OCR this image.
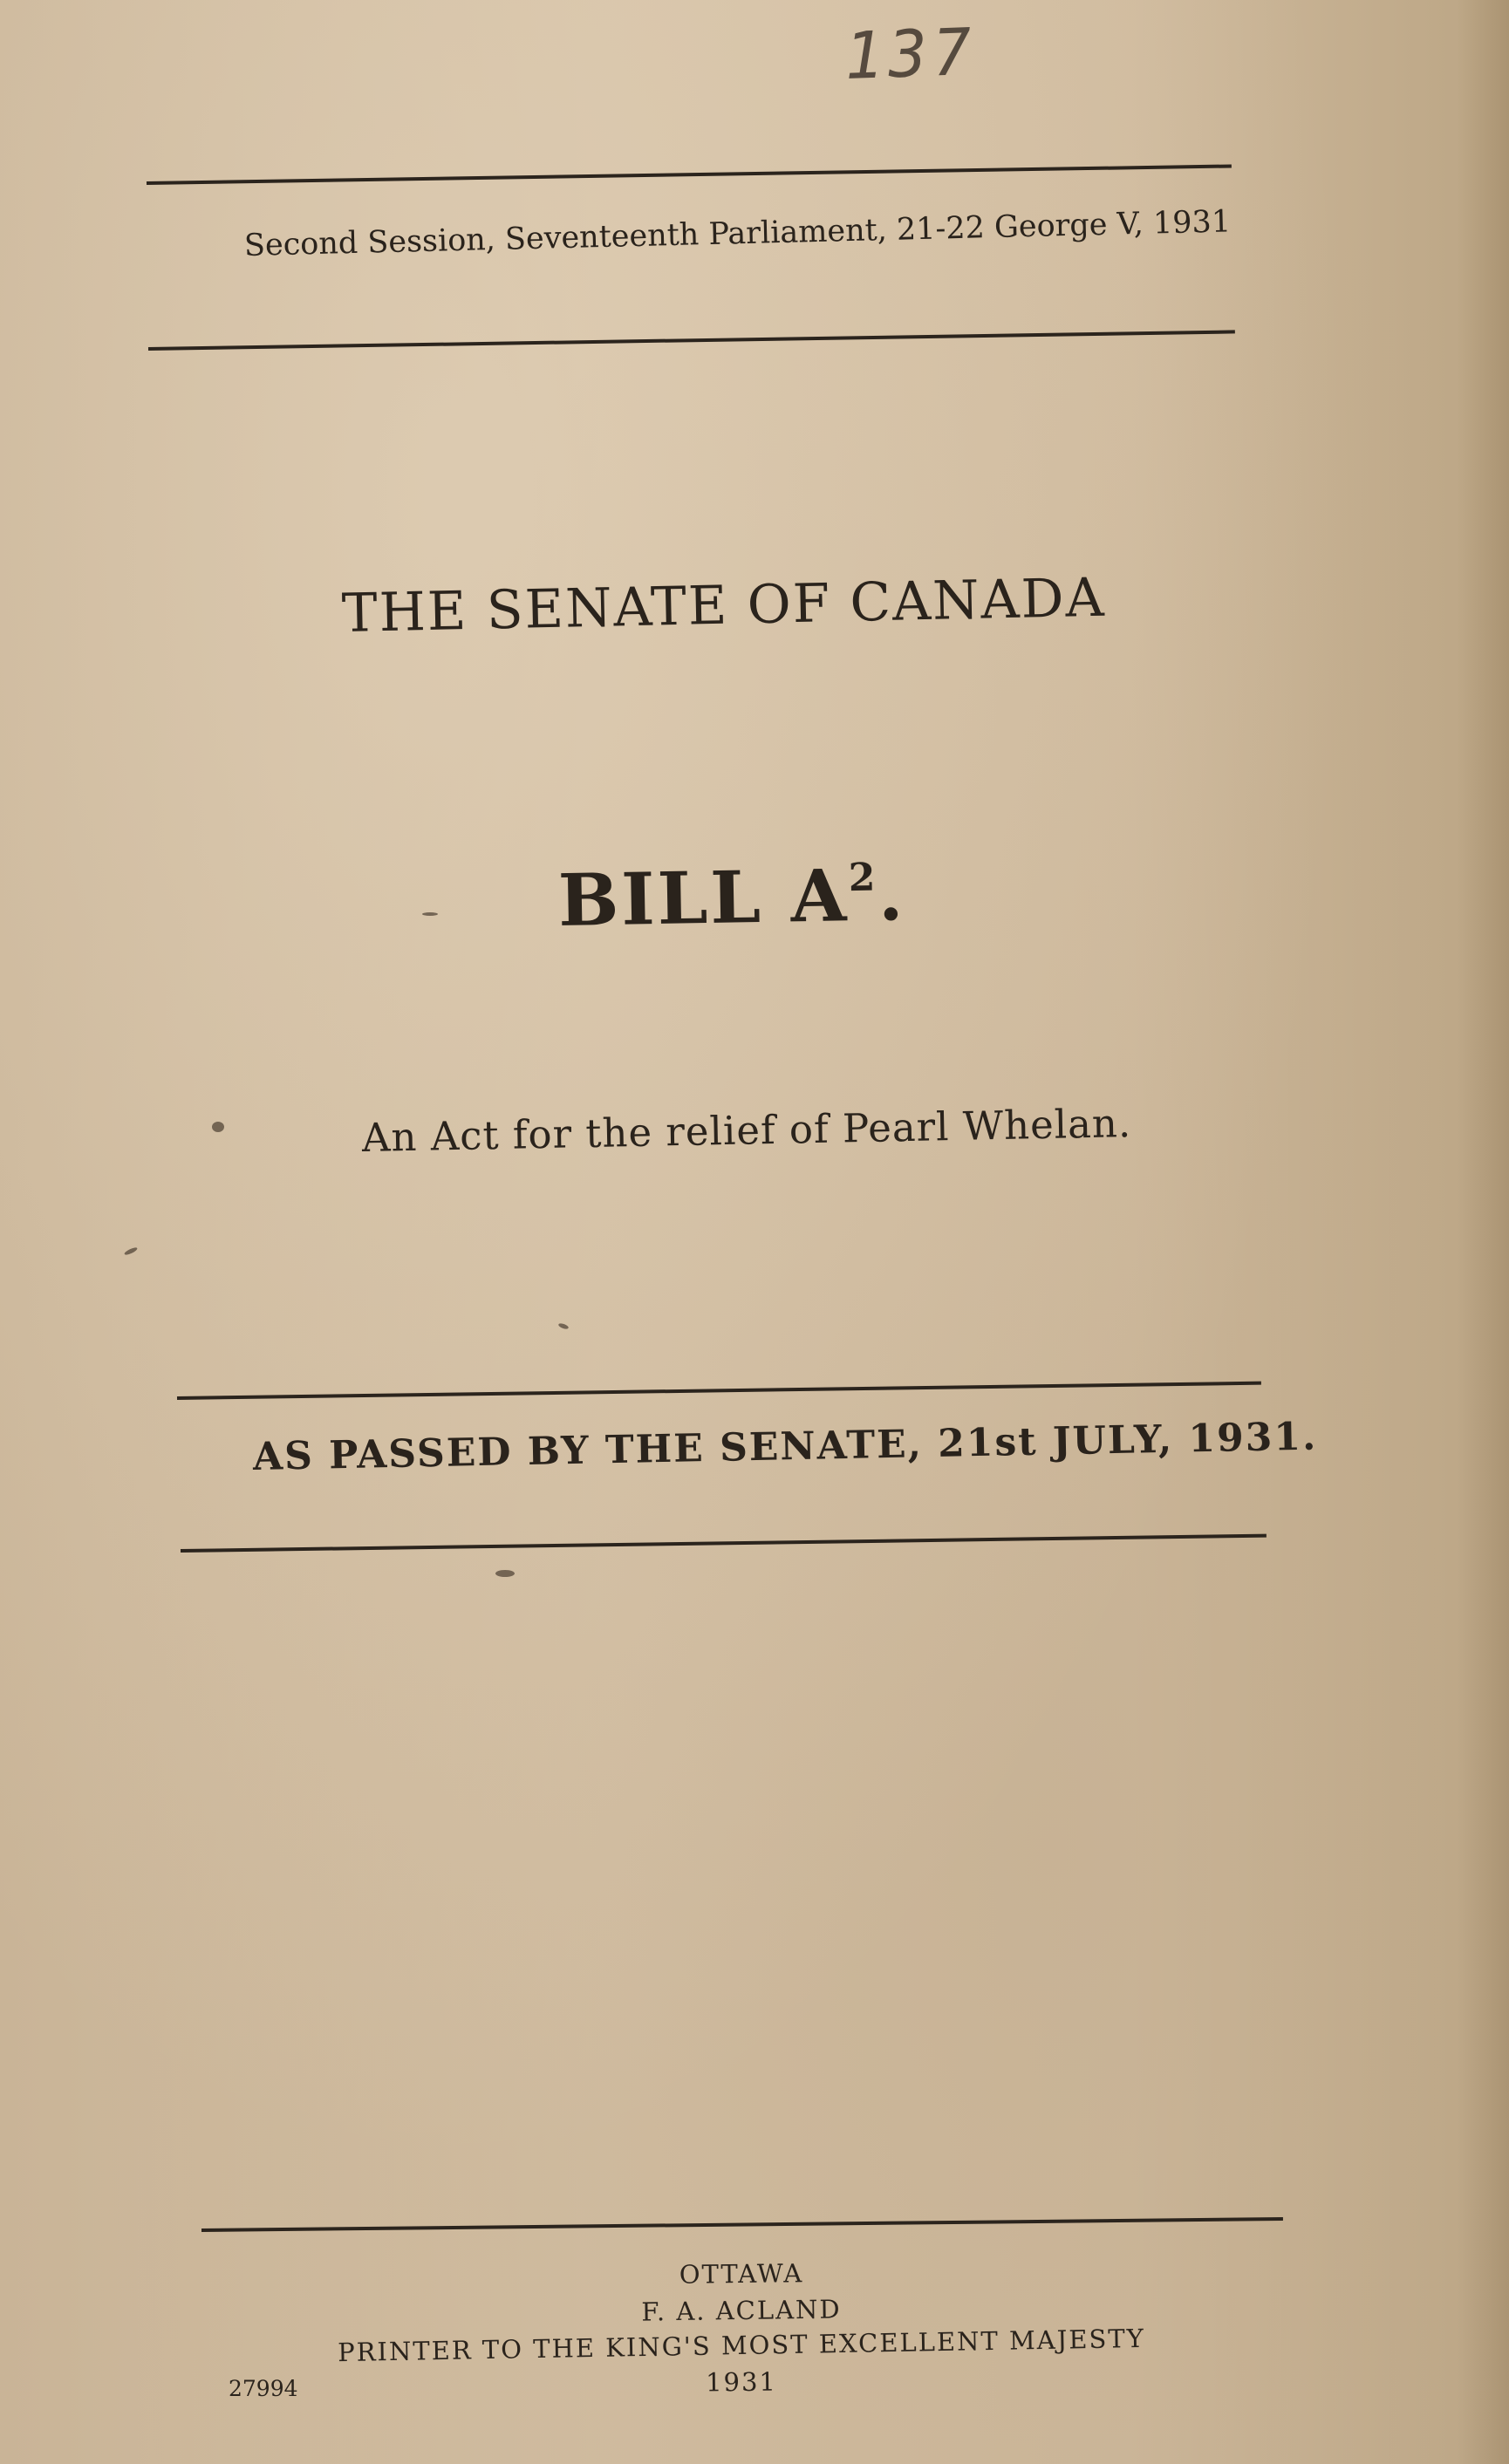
137
Second Session, Seventeenth Parliament, 21-22 George V, 1931
THE SENATE OF CANADA
BILL $A^2$.
An Act for the relief of Pearl Whelan.
AS PASSED BY THE SENATE, 21st JULY, 1931.
OTTAWA
F. A. ACLAND
PRINTER TO THE KING'S MOST EXCELLENT MAJESTY
1931
27994
